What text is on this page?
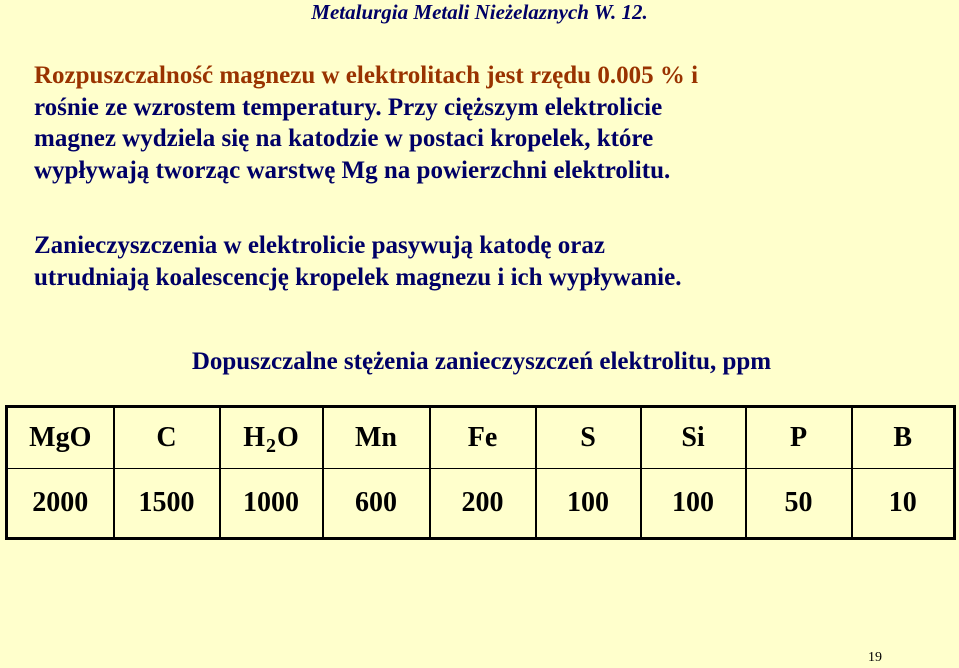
Metalurgia Metali Nieżelaznych W. 12.
Rozpuszczalność magnezu w elektrolitach jest rzędu 0.005 % i
rośnie ze wzrostem temperatury. Przy cięższym elektrolicie
magnez wydziela się na katodzie w postaci kropelek, które
wypływają tworząc warstwę Mg na powierzchni elektrolitu.
Zanieczyszczenia w elektrolicie pasywują katodę oraz
utrudniają koalescencję kropelek magnezu i ich wypływanie.
Dopuszczalne stężenia zanieczyszczeń elektrolitu, ppm
MgO	C	$H_2O$	Mn	Fe	S	Si	P	B
2000	1500	1000	600	200	100	100	50	10
19
